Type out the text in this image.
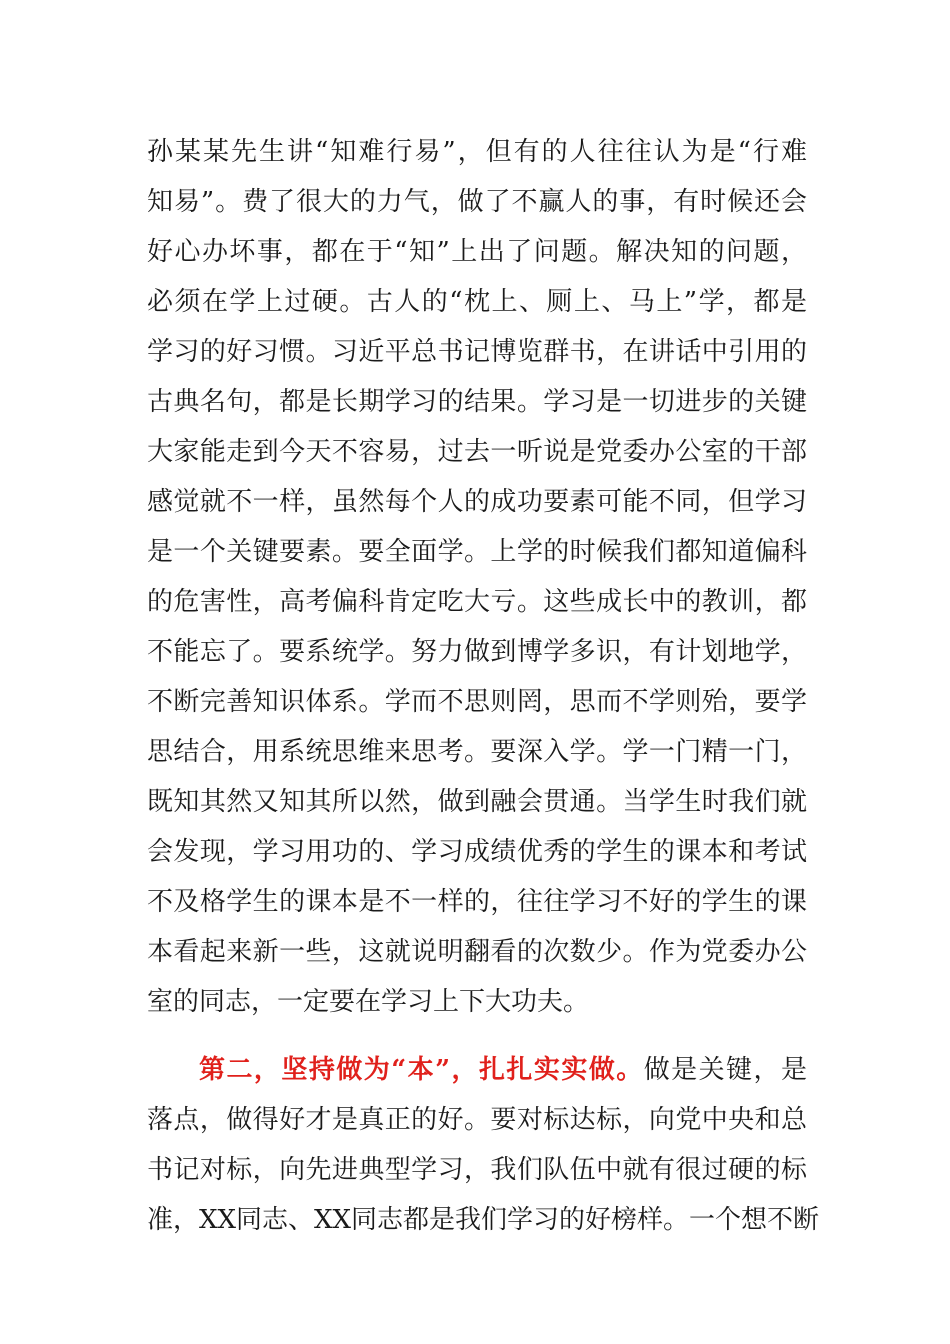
孙某某先生讲“知难行易”，但有的人往往认为是“行难
知易”。费了很大的力气，做了不赢人的事，有时候还会
好心办坏事，都在于“知”上出了问题。解决知的问题，
必须在学上过硬。古人的“枕上、厕上、马上”学，都是
学习的好习惯。习近平总书记博览群书，在讲话中引用的
古典名句，都是长期学习的结果。学习是一切进步的关键
大家能走到今天不容易，过去一听说是党委办公室的干部
感觉就不一样，虽然每个人的成功要素可能不同，但学习
是一个关键要素。要全面学。上学的时候我们都知道偏科
的危害性，高考偏科肯定吃大亏。这些成长中的教训，都
不能忘了。要系统学。努力做到博学多识，有计划地学，
不断完善知识体系。学而不思则罔，思而不学则殆，要学
思结合，用系统思维来思考。要深入学。学一门精一门，
既知其然又知其所以然，做到融会贯通。当学生时我们就
会发现，学习用功的、学习成绩优秀的学生的课本和考试
不及格学生的课本是不一样的，往往学习不好的学生的课
本看起来新一些，这就说明翻看的次数少。作为党委办公
室的同志，一定要在学习上下大功夫。
第二，坚持做为“本”，扎扎实实做。做是关键，是
落点，做得好才是真正的好。要对标达标，向党中央和总
书记对标，向先进典型学习，我们队伍中就有很过硬的标
准，XX同志、XX同志都是我们学习的好榜样。一个想不断
